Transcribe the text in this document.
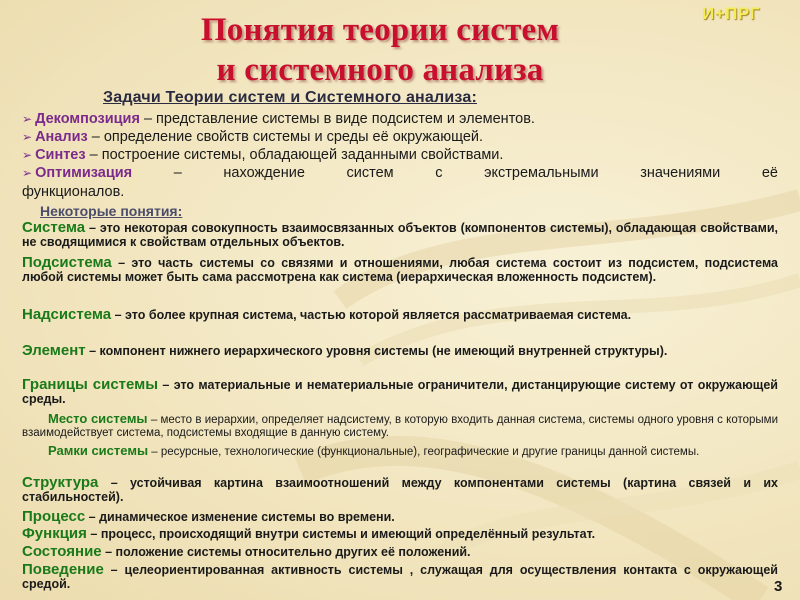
Понятия теории систем
и системного анализа
И+ПРГ
Задачи Теории систем и Системного анализа:
➢ Декомпозиция – представление системы в виде подсистем и элементов.
➢ Анализ – определение свойств системы и среды её окружающей.
➢ Синтез – построение системы, обладающей заданными свойствами.
➢ Оптимизация – нахождение систем с экстремальными значениями её
функционалов.
Некоторые понятия:
Система – это некоторая совокупность взаимосвязанных объектов (компонентов системы), обладающая свойствами, не сводящимися к свойствам отдельных объектов.
Подсистема – это часть системы со связями и отношениями, любая система состоит из подсистем, подсистема любой системы может быть сама рассмотрена как система (иерархическая вложенность подсистем).
Надсистема – это более крупная система, частью которой является рассматриваемая система.
Элемент – компонент нижнего иерархического уровня системы (не имеющий внутренней структуры).
Границы системы – это материальные и нематериальные ограничители, дистанцирующие систему от окружающей среды.
Место системы – место в иерархии, определяет надсистему, в которую входить данная система, системы одного уровня с которыми взаимодействует система, подсистемы входящие в данную систему.
Рамки системы – ресурсные, технологические (функциональные), географические и другие границы данной системы.
Структура – устойчивая картина взаимоотношений между компонентами системы (картина связей и их стабильностей).
Процесс – динамическое изменение системы во времени.
Функция – процесс, происходящий внутри системы и имеющий определённый результат.
Состояние – положение системы относительно других её положений.
Поведение – целеориентированная активность системы , служащая для осуществления контакта с окружающей средой.	3
